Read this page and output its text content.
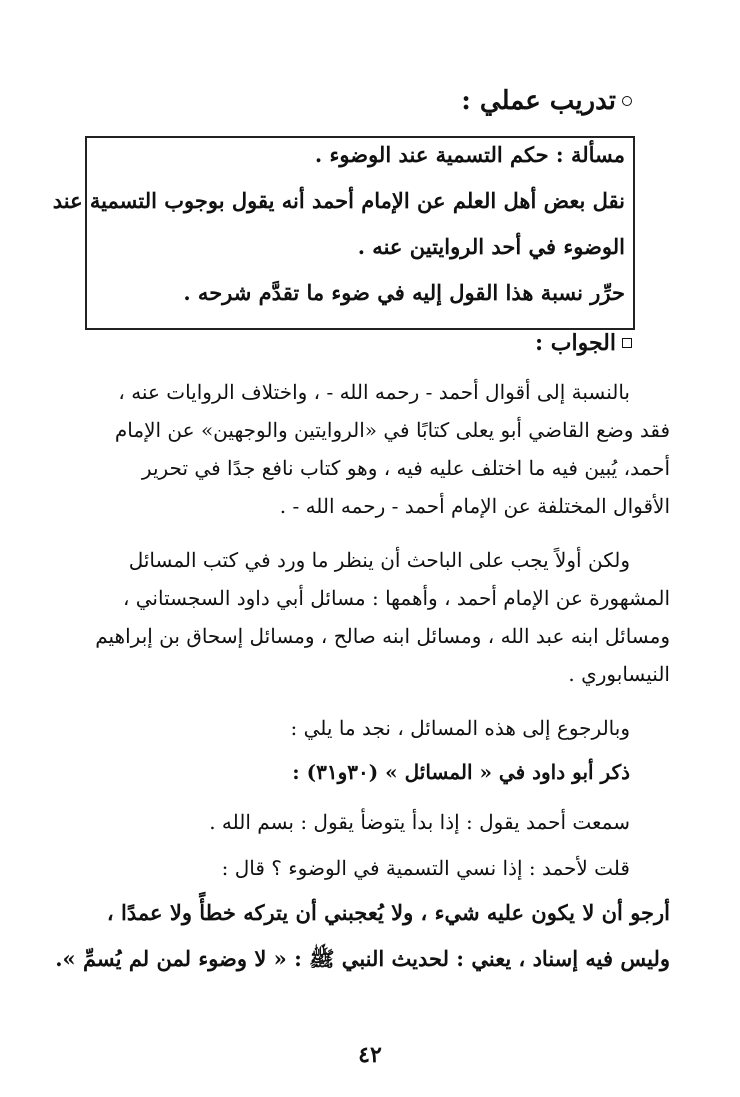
تدريب عملي :
مسألة : حكم التسمية عند الوضوء .
نقل بعض أهل العلم عن الإمام أحمد أنه يقول بوجوب التسمية عند
الوضوء في أحد الروايتين عنه .
حرِّر نسبة هذا القول إليه في ضوء ما تقدَّم شرحه .
الجواب :
بالنسبة إلى أقوال أحمد - رحمه الله - ، واختلاف الروايات عنه ،
فقد وضع القاضي أبو يعلى كتابًا في «الروايتين والوجهين» عن الإمام
أحمد، يُبين فيه ما اختلف عليه فيه ، وهو كتاب نافع جدًا في تحرير
الأقوال المختلفة عن الإمام أحمد - رحمه الله - .
ولكن أولاً يجب على الباحث أن ينظر ما ورد في كتب المسائل
المشهورة عن الإمام أحمد ، وأهمها : مسائل أبي داود السجستاني ،
ومسائل ابنه عبد الله ، ومسائل ابنه صالح ، ومسائل إسحاق بن إبراهيم
النيسابوري .
وبالرجوع إلى هذه المسائل ، نجد ما يلي :
ذكر أبو داود في « المسائل » (٣٠و٣١) :
سمعت أحمد يقول : إذا بدأ يتوضأ يقول : بسم الله .
قلت لأحمد : إذا نسي التسمية في الوضوء ؟ قال :
أرجو أن لا يكون عليه شيء ، ولا يُعجبني أن يتركه خطأً ولا عمدًا ،
وليس فيه إسناد ، يعني : لحديث النبي ﷺ : « لا وضوء لمن لم يُسمِّ ».
٤٢
